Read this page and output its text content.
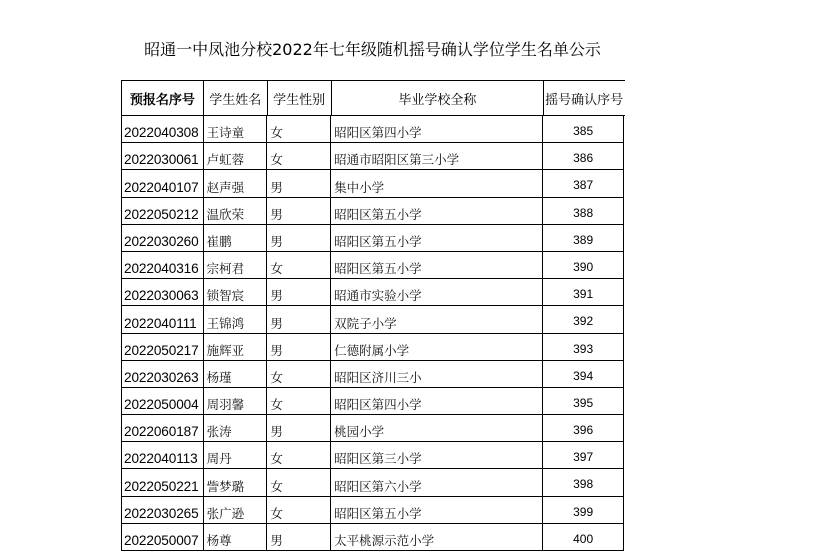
昭通一中凤池分校2022年七年级随机摇号确认学位学生名单公示
预报名序号	学生姓名 学生性别	毕业学校全称	摇号确认序号
2022040308 王诗童	女	昭阳区第四小学	385
2022030061 卢虹蓉	女	昭通市昭阳区第三小学	386
2022040107 赵声强	男	集中小学	387
2022050212 温欣荣	男	昭阳区第五小学	388
2022030260 崔鹏	男	昭阳区第五小学	389
2022040316 宗柯君	女	昭阳区第五小学	390
2022030063 锁智宸	男	昭通市实验小学	391
2022040111 王锦鸿	男	双院子小学	392
2022050217 施辉亚	男	仁德附属小学	393
2022030263 杨瑾	女	昭阳区济川三小	394
2022050004 周羽馨	女	昭阳区第四小学	395
2022060187 张涛	男	桃园小学	396
2022040113 周丹	女	昭阳区第三小学	397
2022050221 訾梦璐	女	昭阳区第六小学	398
2022030265 张广逊	女	昭阳区第五小学	399
2022050007 杨尊	男	太平桃源示范小学	400
